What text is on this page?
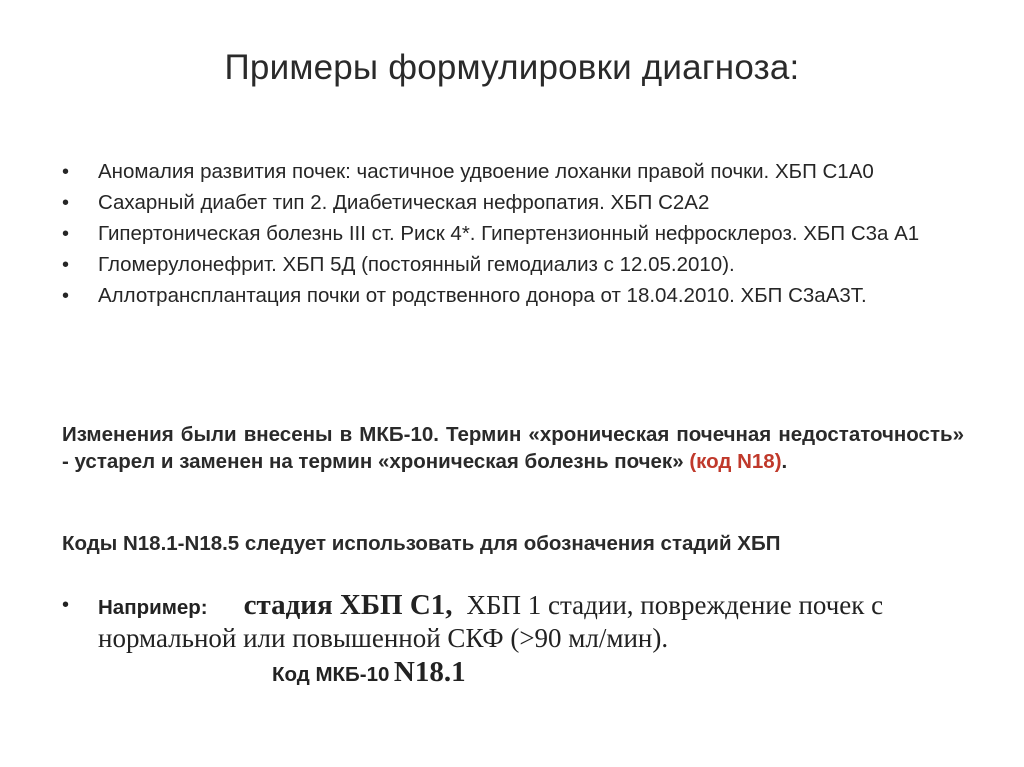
Примеры формулировки диагноза:
• Аномалия развития почек: частичное удвоение лоханки правой почки. ХБП С1А0
• Сахарный диабет тип 2. Диабетическая нефропатия. ХБП С2А2
• Гипертоническая болезнь III ст. Риск 4*. Гипертензионный нефросклероз. ХБП С3а А1
• Гломерулонефрит. ХБП 5Д (постоянный гемодиализ с 12.05.2010).
• Аллотрансплантация почки от родственного донора от 18.04.2010. ХБП С3аА3Т.
Изменения были внесены в МКБ-10. Термин «хроническая почечная недостаточность» - устарел и заменен на термин «хроническая болезнь почек» (код N18).
Коды N18.1-N18.5 следует использовать для обозначения стадий ХБП
•	Например: стадия ХБП С1, ХБП 1 стадии, повреждение почек с нормальной или повышенной СКФ (>90 мл/мин).
Код МКБ-10 N18.1
